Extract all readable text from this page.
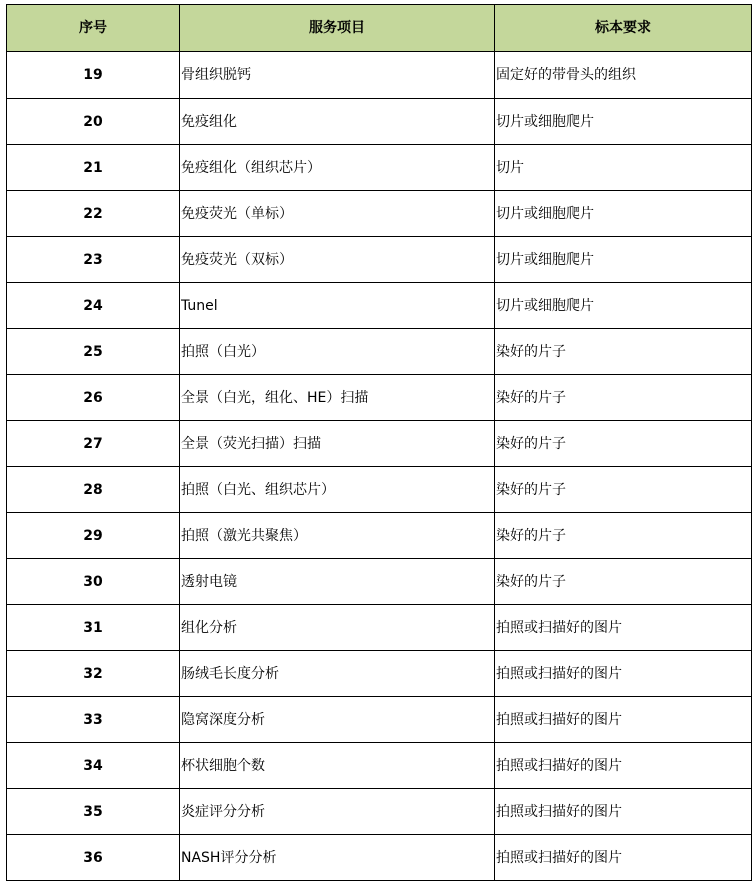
序号	服务项目	标本要求
19	骨组织脱钙	固定好的带骨头的组织
20	免疫组化	切片或细胞爬片
21	免疫组化（组织芯片）	切片
22	免疫荧光（单标）	切片或细胞爬片
23	免疫荧光（双标）	切片或细胞爬片
24	Tunel	切片或细胞爬片
25	拍照（白光）	染好的片子
26	全景（白光，组化、HE）扫描	染好的片子
27	全景（荧光扫描）扫描	染好的片子
28	拍照（白光、组织芯片）	染好的片子
29	拍照（激光共聚焦）	染好的片子
30	透射电镜	染好的片子
31	组化分析	拍照或扫描好的图片
32	肠绒毛长度分析	拍照或扫描好的图片
33	隐窝深度分析	拍照或扫描好的图片
34	杯状细胞个数	拍照或扫描好的图片
35	炎症评分分析	拍照或扫描好的图片
36	NASH评分分析	拍照或扫描好的图片
